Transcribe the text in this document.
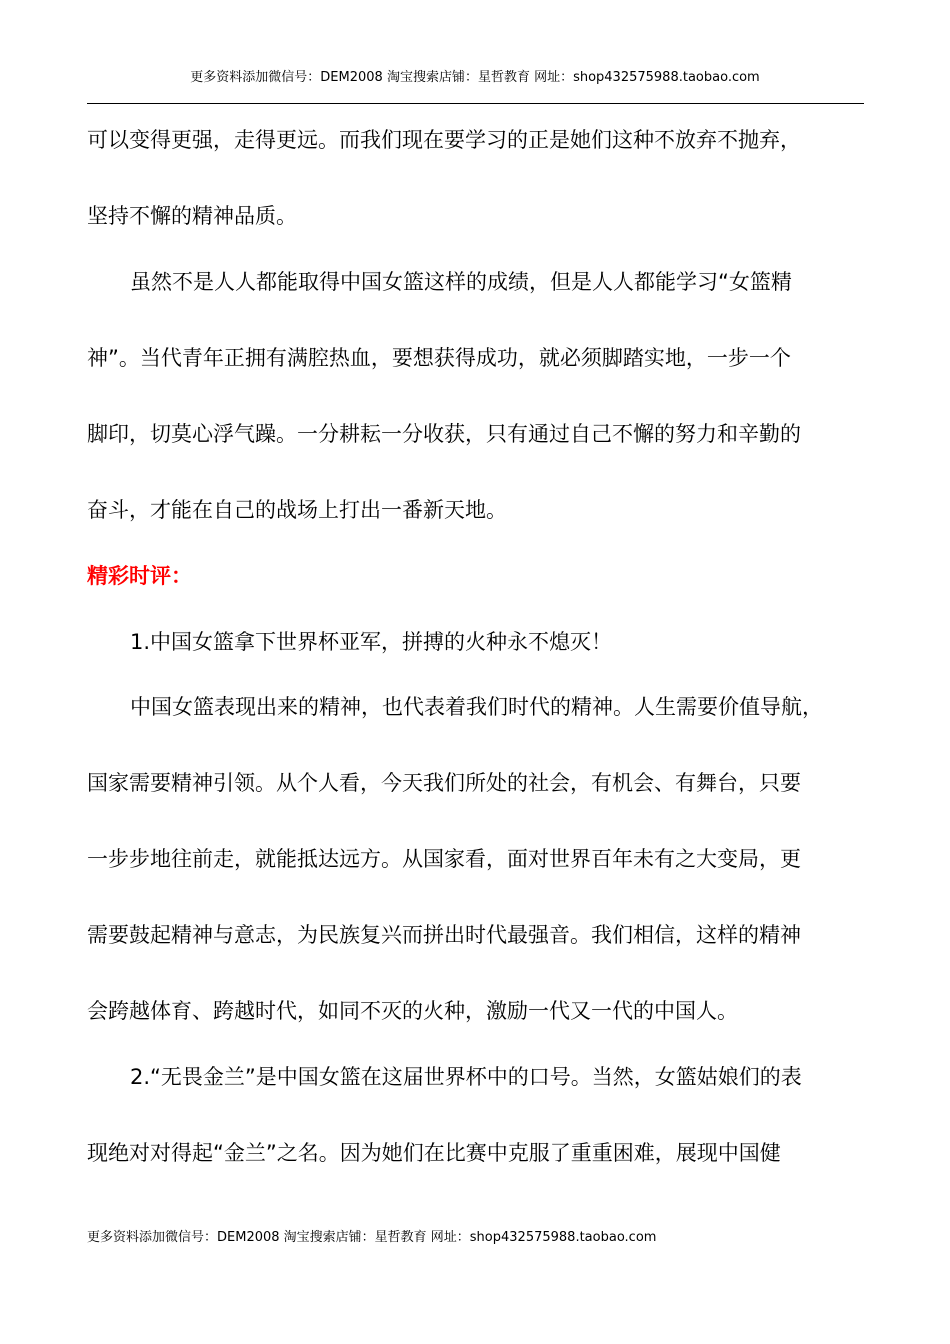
更多资料添加微信号：DEM2008 淘宝搜索店铺：星哲教育 网址：shop432575988.taobao.com
可以变得更强，走得更远。而我们现在要学习的正是她们这种不放弃不抛弃，
坚持不懈的精神品质。
虽然不是人人都能取得中国女篮这样的成绩，但是人人都能学习“女篮精
神”。当代青年正拥有满腔热血，要想获得成功，就必须脚踏实地，一步一个
脚印，切莫心浮气躁。一分耕耘一分收获，只有通过自己不懈的努力和辛勤的
奋斗，才能在自己的战场上打出一番新天地。
精彩时评：
1.中国女篮拿下世界杯亚军，拼搏的火种永不熄灭！
中国女篮表现出来的精神，也代表着我们时代的精神。人生需要价值导航，
国家需要精神引领。从个人看，今天我们所处的社会，有机会、有舞台，只要
一步步地往前走，就能抵达远方。从国家看，面对世界百年未有之大变局，更
需要鼓起精神与意志，为民族复兴而拼出时代最强音。我们相信，这样的精神
会跨越体育、跨越时代，如同不灭的火种，激励一代又一代的中国人。
2.“无畏金兰”是中国女篮在这届世界杯中的口号。当然，女篮姑娘们的表
现绝对对得起“金兰”之名。因为她们在比赛中克服了重重困难，展现中国健
更多资料添加微信号：DEM2008 淘宝搜索店铺：星哲教育 网址：shop432575988.taobao.com
